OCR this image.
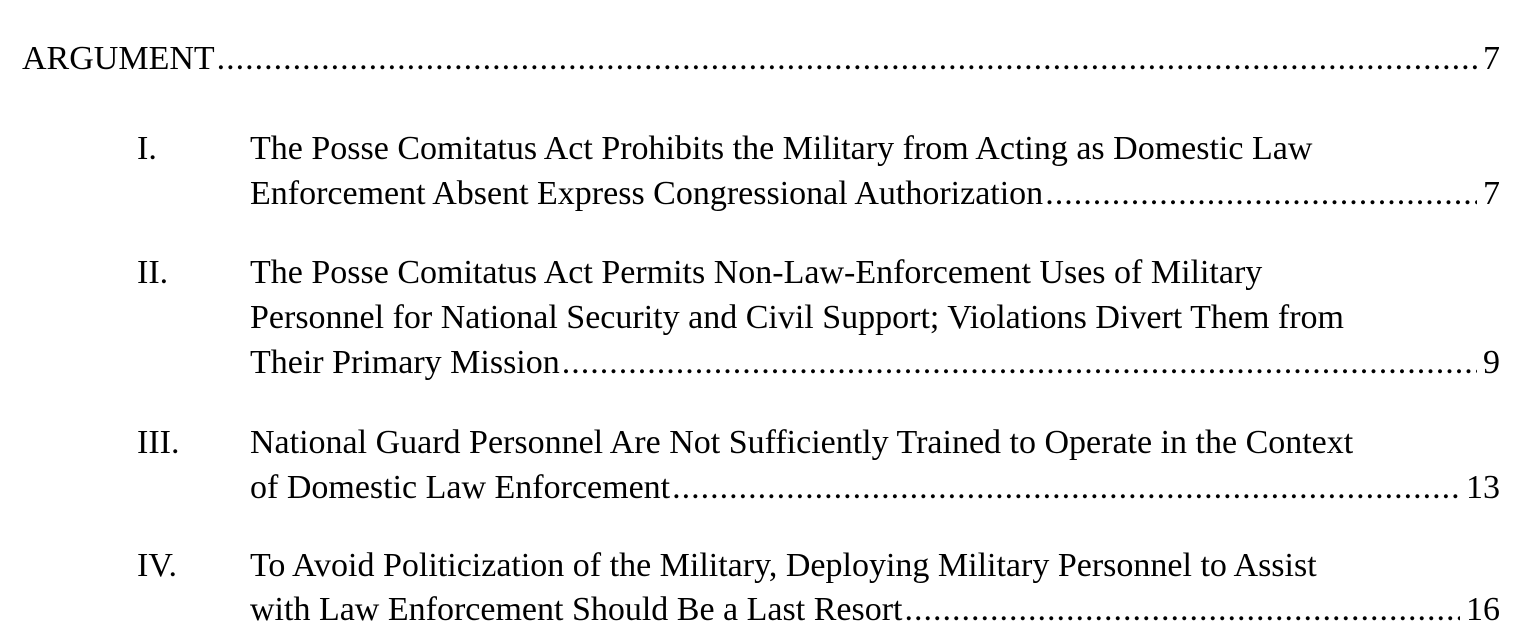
ARGUMENT .....	7
I.	The Posse Comitatus Act Prohibits the Military from Acting as Domestic Law
Enforcement Absent Express Congressional Authorization .....	7
II. The Posse Comitatus Act Permits Non-Law-Enforcement Uses of Military
Personnel for National Security and Civil Support; Violations Divert Them from
Their Primary Mission .....	9
III. National Guard Personnel Are Not Sufficiently Trained to Operate in the Context
of Domestic Law Enforcement .....	13
IV. To Avoid Politicization of the Military, Deploying Military Personnel to Assist
with Law Enforcement Should Be a Last Resort .....	16
